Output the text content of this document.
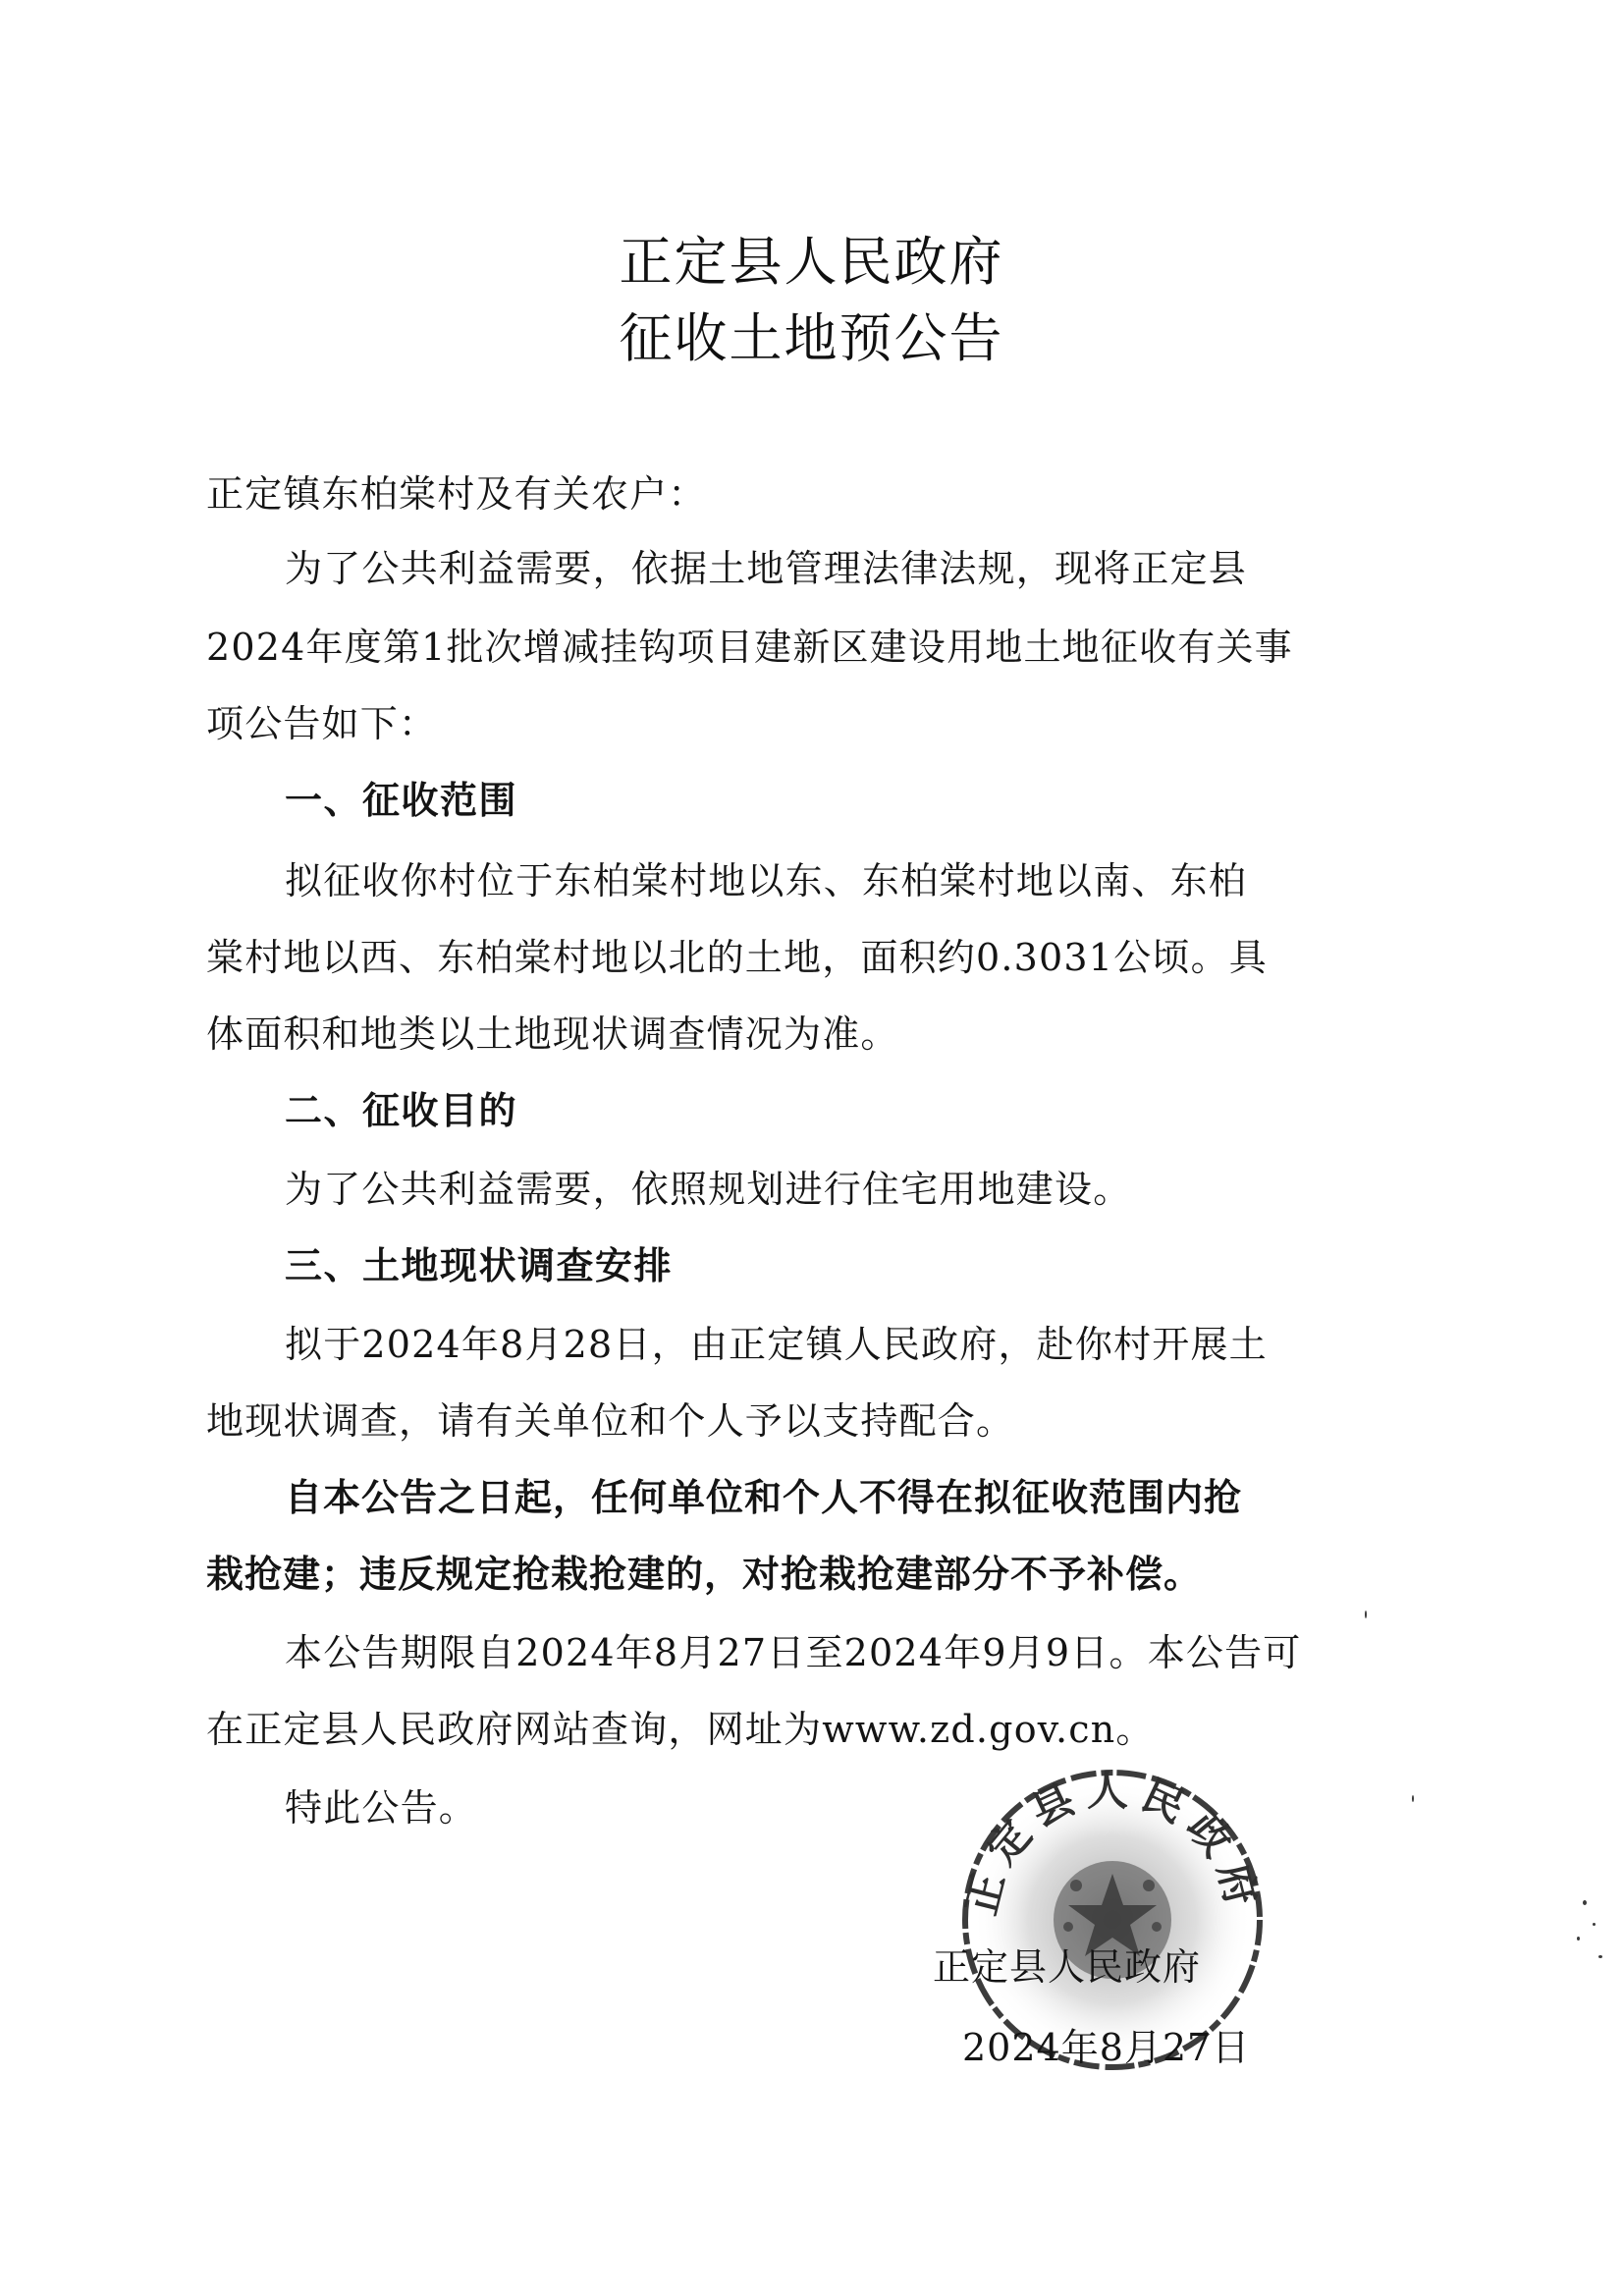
正定县人民政府
征收土地预公告
正定镇东柏棠村及有关农户：
为了公共利益需要，依据土地管理法律法规，现将正定县
2024年度第1批次增减挂钩项目建新区建设用地土地征收有关事
项公告如下：
一、征收范围
拟征收你村位于东柏棠村地以东、东柏棠村地以南、东柏
棠村地以西、东柏棠村地以北的土地，面积约0.3031公顷。具
体面积和地类以土地现状调查情况为准。
二、征收目的
为了公共利益需要，依照规划进行住宅用地建设。
三、土地现状调查安排
拟于2024年8月28日，由正定镇人民政府，赴你村开展土
地现状调查，请有关单位和个人予以支持配合。
自本公告之日起，任何单位和个人不得在拟征收范围内抢
栽抢建；违反规定抢栽抢建的，对抢栽抢建部分不予补偿。
本公告期限自2024年8月27日至2024年9月9日。本公告可
在正定县人民政府网站查询，网址为www.zd.gov.cn。
特此公告。
正定县人民政府
正定县人民政府
2024年8月27日
